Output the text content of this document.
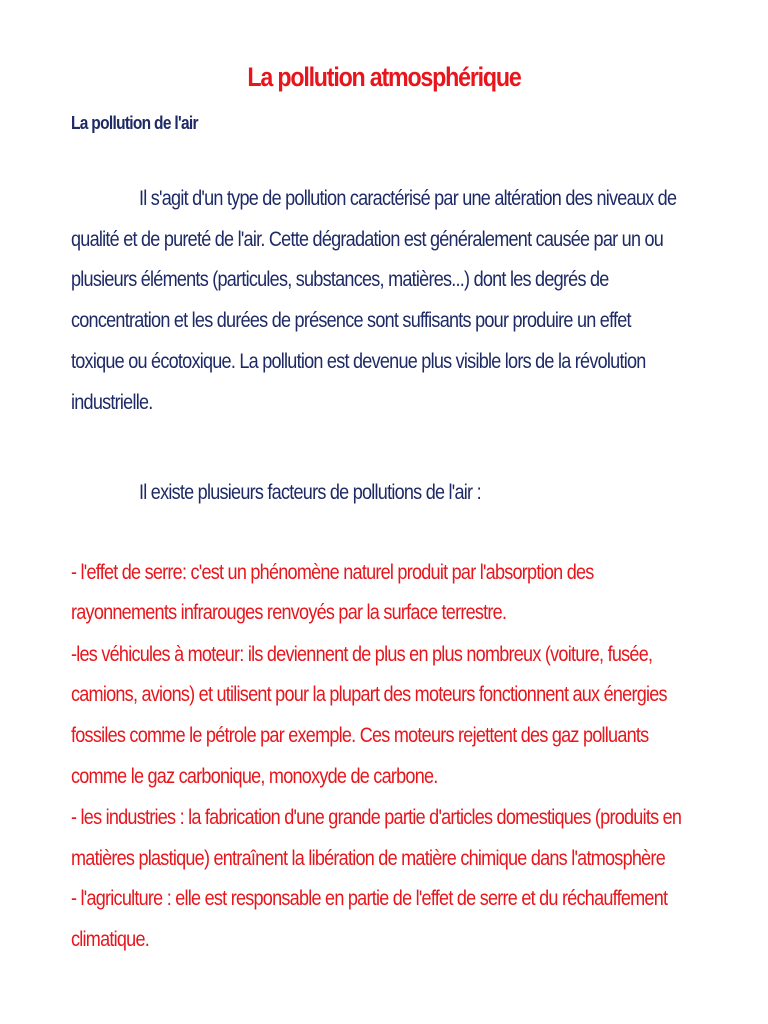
La pollution atmosphérique
La pollution de l'air
Il s'agit d'un type de pollution caractérisé par une altération des niveaux de
qualité et de pureté de l'air. Cette dégradation est généralement causée par un ou
plusieurs éléments (particules, substances, matières...) dont les degrés de
concentration et les durées de présence sont suffisants pour produire un effet
toxique ou écotoxique. La pollution est devenue plus visible lors de la révolution
industrielle.
Il existe plusieurs facteurs de pollutions de l'air :
- l'effet de serre: c'est un phénomène naturel produit par l'absorption des
rayonnements infrarouges renvoyés par la surface terrestre.
-les véhicules à moteur: ils deviennent de plus en plus nombreux (voiture, fusée,
camions, avions) et utilisent pour la plupart des moteurs fonctionnent aux énergies
fossiles comme le pétrole par exemple. Ces moteurs rejettent des gaz polluants
comme le gaz carbonique, monoxyde de carbone.
- les industries : la fabrication d'une grande partie d'articles domestiques (produits en
matières plastique) entraînent la libération de matière chimique dans l'atmosphère
- l'agriculture : elle est responsable en partie de l'effet de serre et du réchauffement
climatique.
